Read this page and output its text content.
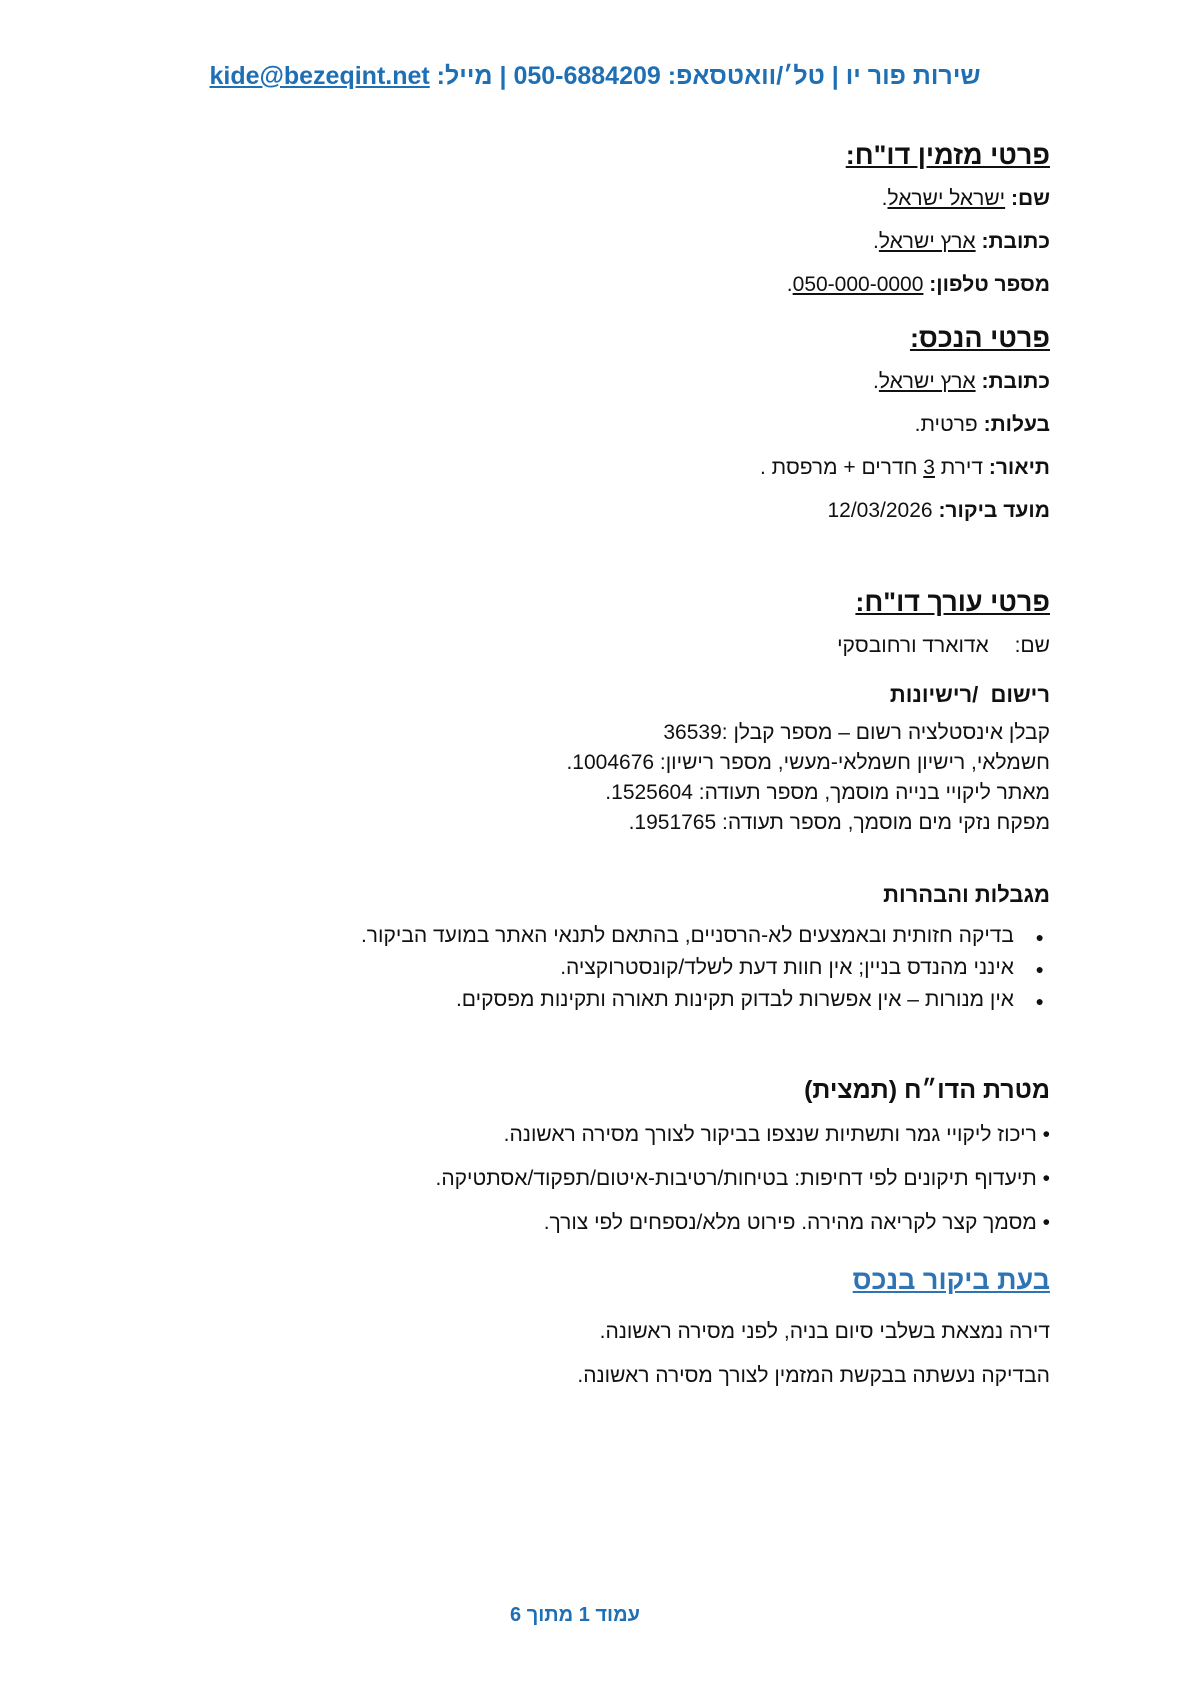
שירות פור יו | טל׳/וואטסאפ: 050-6884209 | מייל: kide@bezeqint.net

פרטי מזמין דו"ח:

שם: ישראל ישראל.
כתובת: ארץ ישראל.
מספר טלפון: 050-000-0000.

פרטי הנכס:

כתובת: ארץ ישראל.
בעלות: פרטית.
תיאור: דירת 3 חדרים + מרפסת .
מועד ביקור: 12/03/2026

פרטי עורך דו"ח:

שם: אדוארד ורחובסקי

רישום  /רישיונות

קבלן אינסטלציה רשום – מספר קבלן :36539
חשמלאי, רישיון חשמלאי-מעשי, מספר רישיון: 1004676.
מאתר ליקויי בנייה מוסמך, מספר תעודה: 1525604.
מפקח נזקי מים מוסמך, מספר תעודה: 1951765.

מגבלות והבהרות

● בדיקה חזותית ובאמצעים לא-הרסניים, בהתאם לתנאי האתר במועד הביקור.
● אינני מהנדס בניין; אין חוות דעת לשלד/קונסטרוקציה.
● אין מנורות – אין אפשרות לבדוק תקינות תאורה ותקינות מפסקים.

מטרת הדו״ח (תמצית)

• ריכוז ליקויי גמר ותשתיות שנצפו בביקור לצורך מסירה ראשונה.
• תיעדוף תיקונים לפי דחיפות: בטיחות/רטיבות-איטום/תפקוד/אסתטיקה.
• מסמך קצר לקריאה מהירה. פירוט מלא/נספחים לפי צורך.

בעת ביקור בנכס

דירה נמצאת בשלבי סיום בניה, לפני מסירה ראשונה.
הבדיקה נעשתה בבקשת המזמין לצורך מסירה ראשונה.
עמוד 1 מתוך 6
